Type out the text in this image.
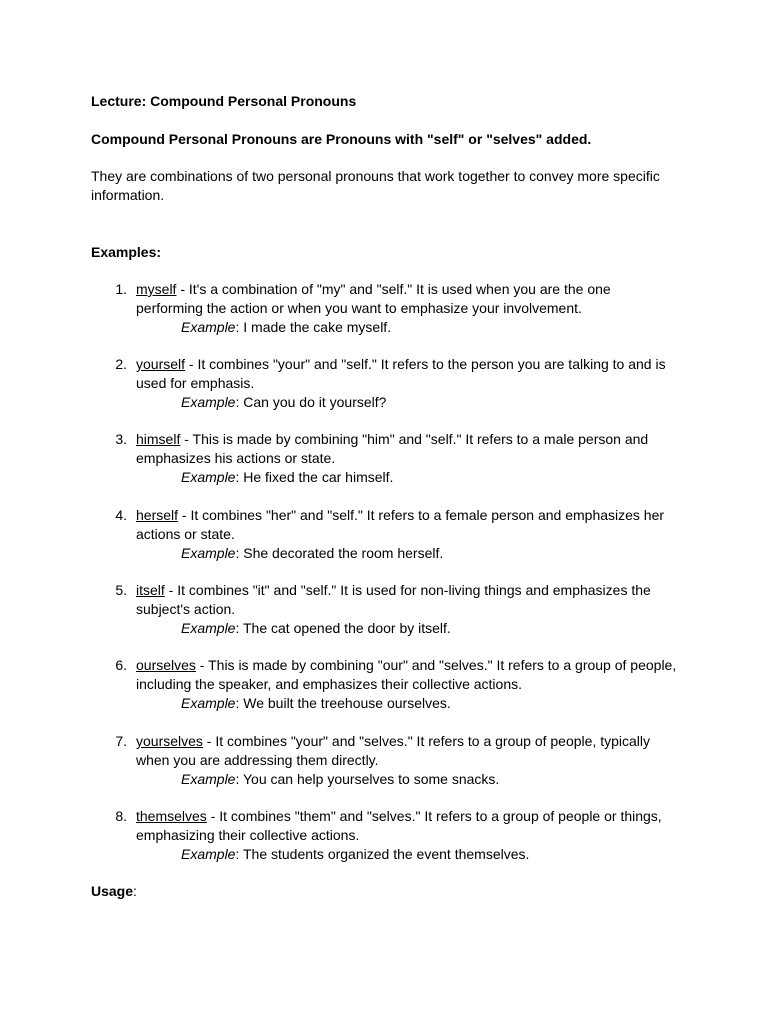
Lecture: Compound Personal Pronouns

Compound Personal Pronouns are Pronouns with "self" or "selves" added.

They are combinations of two personal pronouns that work together to convey more specific information.

Examples:

1. myself - It's a combination of "my" and "self." It is used when you are the one performing the action or when you want to emphasize your involvement.
Example: I made the cake myself.
2. yourself - It combines "your" and "self." It refers to the person you are talking to and is used for emphasis.
Example: Can you do it yourself?
3. himself - This is made by combining "him" and "self." It refers to a male person and emphasizes his actions or state.
Example: He fixed the car himself.
4. herself - It combines "her" and "self." It refers to a female person and emphasizes her actions or state.
Example: She decorated the room herself.
5. itself - It combines "it" and "self." It is used for non-living things and emphasizes the subject's action.
Example: The cat opened the door by itself.
6. ourselves - This is made by combining "our" and "selves." It refers to a group of people, including the speaker, and emphasizes their collective actions.
Example: We built the treehouse ourselves.
7. yourselves - It combines "your" and "selves." It refers to a group of people, typically when you are addressing them directly.
Example: You can help yourselves to some snacks.
8. themselves - It combines "them" and "selves." It refers to a group of people or things, emphasizing their collective actions.
Example: The students organized the event themselves.

Usage:
